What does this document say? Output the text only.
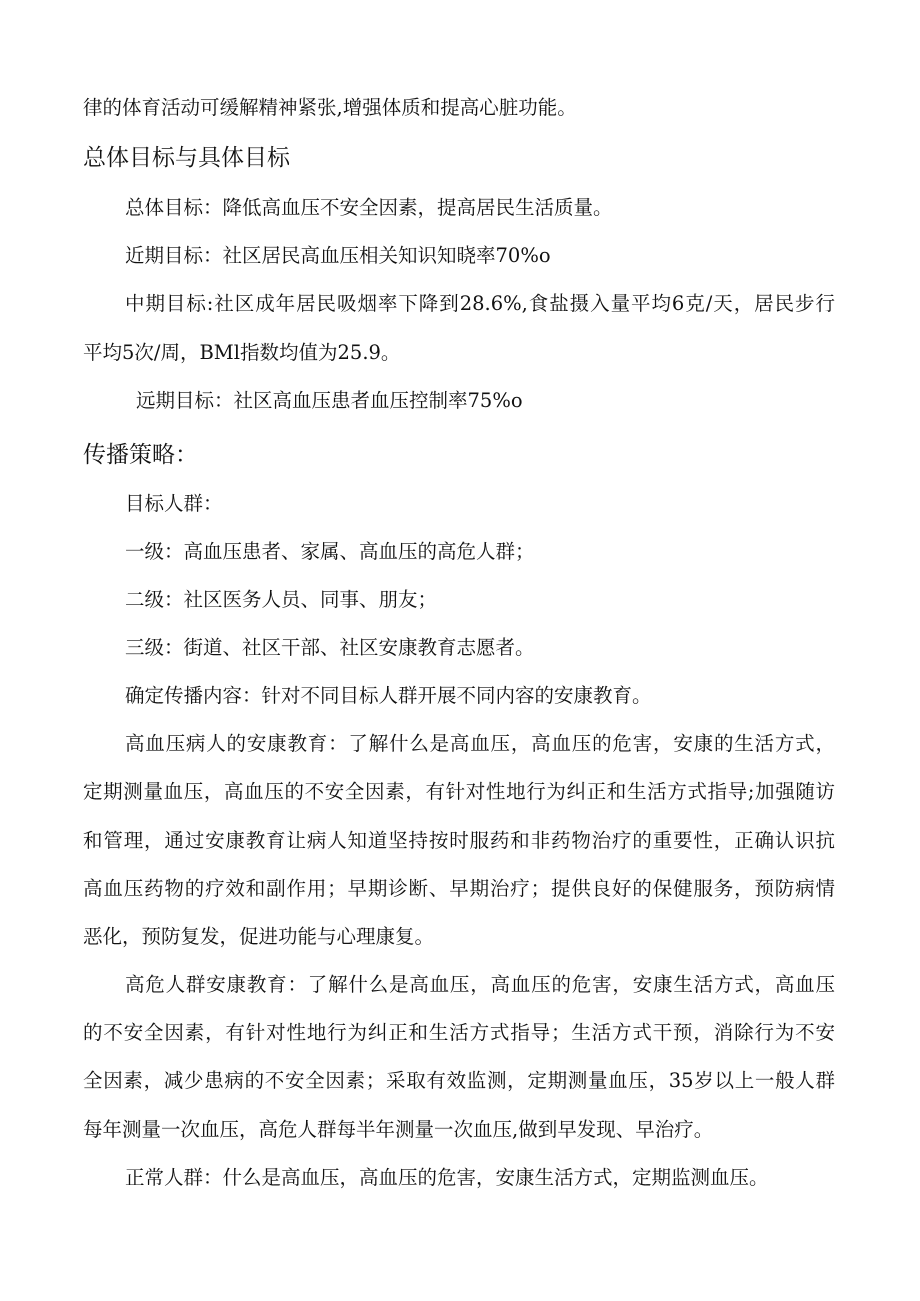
律的体育活动可缓解精神紧张,增强体质和提高心脏功能。
总体目标与具体目标
总体目标：降低高血压不安全因素，提高居民生活质量。
近期目标：社区居民高血压相关知识知晓率70%o
中期目标:社区成年居民吸烟率下降到28.6%,食盐摄入量平均6克/天，居民步行
平均5次/周，BMl指数均值为25.9。
远期目标：社区高血压患者血压控制率75%o
传播策略：
目标人群：
一级：高血压患者、家属、高血压的高危人群；
二级：社区医务人员、同事、朋友；
三级：街道、社区干部、社区安康教育志愿者。
确定传播内容：针对不同目标人群开展不同内容的安康教育。
高血压病人的安康教育：了解什么是高血压，高血压的危害，安康的生活方式，
定期测量血压，高血压的不安全因素，有针对性地行为纠正和生活方式指导;加强随访
和管理，通过安康教育让病人知道坚持按时服药和非药物治疗的重要性，正确认识抗
高血压药物的疗效和副作用；早期诊断、早期治疗；提供良好的保健服务，预防病情
恶化，预防复发，促进功能与心理康复。
高危人群安康教育：了解什么是高血压，高血压的危害，安康生活方式，高血压
的不安全因素，有针对性地行为纠正和生活方式指导；生活方式干预，消除行为不安
全因素，减少患病的不安全因素；采取有效监测，定期测量血压，35岁以上一般人群
每年测量一次血压，高危人群每半年测量一次血压,做到早发现、早治疗。
正常人群：什么是高血压，高血压的危害，安康生活方式，定期监测血压。
